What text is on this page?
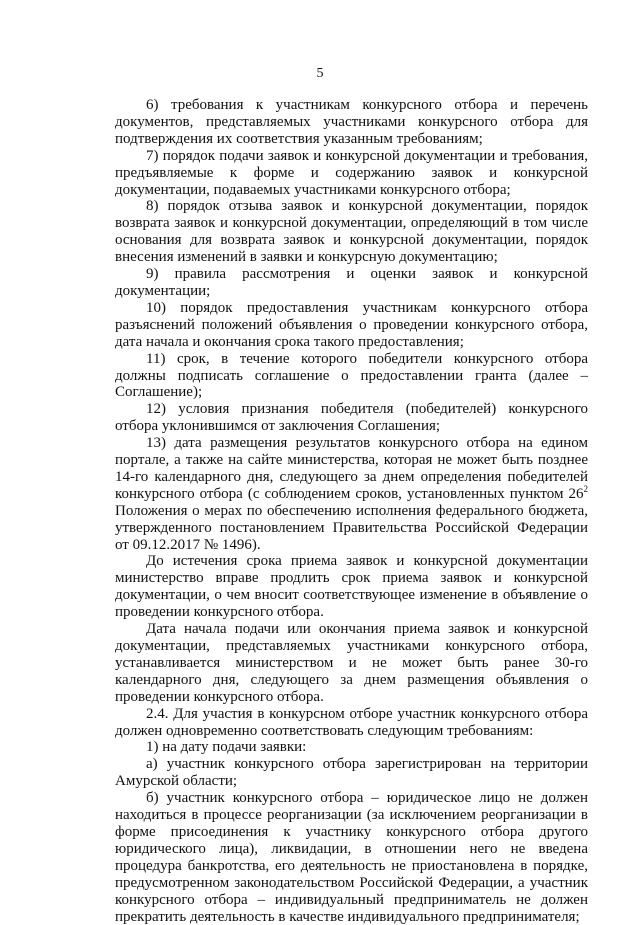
5

6) требования к участникам конкурсного отбора и перечень документов, представляемых участниками конкурсного отбора для подтверждения их соответствия указанным требованиям;

7) порядок подачи заявок и конкурсной документации и требования, предъявляемые к форме и содержанию заявок и конкурсной документации, подаваемых участниками конкурсного отбора;

8) порядок отзыва заявок и конкурсной документации, порядок возврата заявок и конкурсной документации, определяющий в том числе основания для возврата заявок и конкурсной документации, порядок внесения изменений в заявки и конкурсную документацию;

9) правила рассмотрения и оценки заявок и конкурсной документации;

10) порядок предоставления участникам конкурсного отбора разъяснений положений объявления о проведении конкурсного отбора, дата начала и окончания срока такого предоставления;

11) срок, в течение которого победители конкурсного отбора должны подписать соглашение о предоставлении гранта (далее – Соглашение);

12) условия признания победителя (победителей) конкурсного отбора уклонившимся от заключения Соглашения;

13) дата размещения результатов конкурсного отбора на едином портале, а также на сайте министерства, которая не может быть позднее 14-го календарного дня, следующего за днем определения победителей конкурсного отбора (с соблюдением сроков, установленных пунктом $26^2$ Положения о мерах по обеспечению исполнения федерального бюджета, утвержденного постановлением Правительства Российской Федерации от 09.12.2017 № 1496).

До истечения срока приема заявок и конкурсной документации министерство вправе продлить срок приема заявок и конкурсной документации, о чем вносит соответствующее изменение в объявление о проведении конкурсного отбора.

Дата начала подачи или окончания приема заявок и конкурсной документации, представляемых участниками конкурсного отбора, устанавливается министерством и не может быть ранее 30-го календарного дня, следующего за днем размещения объявления о проведении конкурсного отбора.

2.4. Для участия в конкурсном отборе участник конкурсного отбора должен одновременно соответствовать следующим требованиям:

1) на дату подачи заявки:

а) участник конкурсного отбора зарегистрирован на территории Амурской области;

б) участник конкурсного отбора – юридическое лицо не должен находиться в процессе реорганизации (за исключением реорганизации в форме присоединения к участнику конкурсного отбора другого юридического лица), ликвидации, в отношении него не введена процедура банкротства, его деятельность не приостановлена в порядке, предусмотренном законодательством Российской Федерации, а участник конкурсного отбора – индивидуальный предприниматель не должен прекратить деятельность в качестве индивидуального предпринимателя;
